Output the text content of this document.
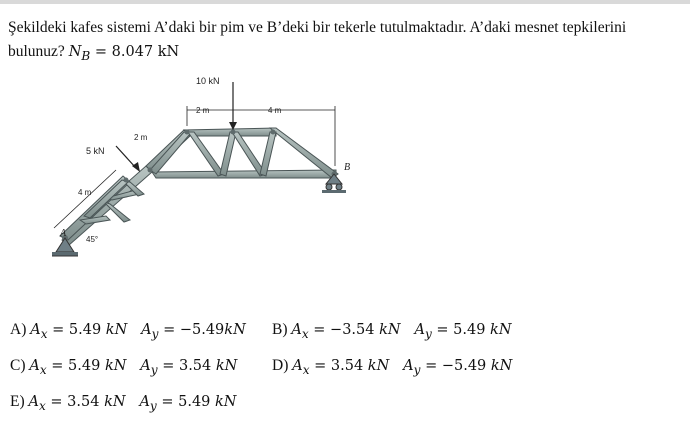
Şekildeki kafes sistemi A’daki bir pim ve B’deki bir tekerle tutulmaktadır. A’daki mesnet tepkilerini
bulunuz? $N_B = 8.047$ kN
A
45°
B
10 kN
2 m	4 m
5 kN
2 m
4 m
A) $A_x = 5.49$ kN $A_y = -5.49kN$ B) $A_x = -3.54$ kN $A_y = 5.49$ kN
C) $A_x = 5.49$ kN $A_y = 3.54$ kN D) $A_x = 3.54$ kN $A_y = -5.49$ kN
E) $A_x = 3.54$ kN $A_y = 5.49$ kN
